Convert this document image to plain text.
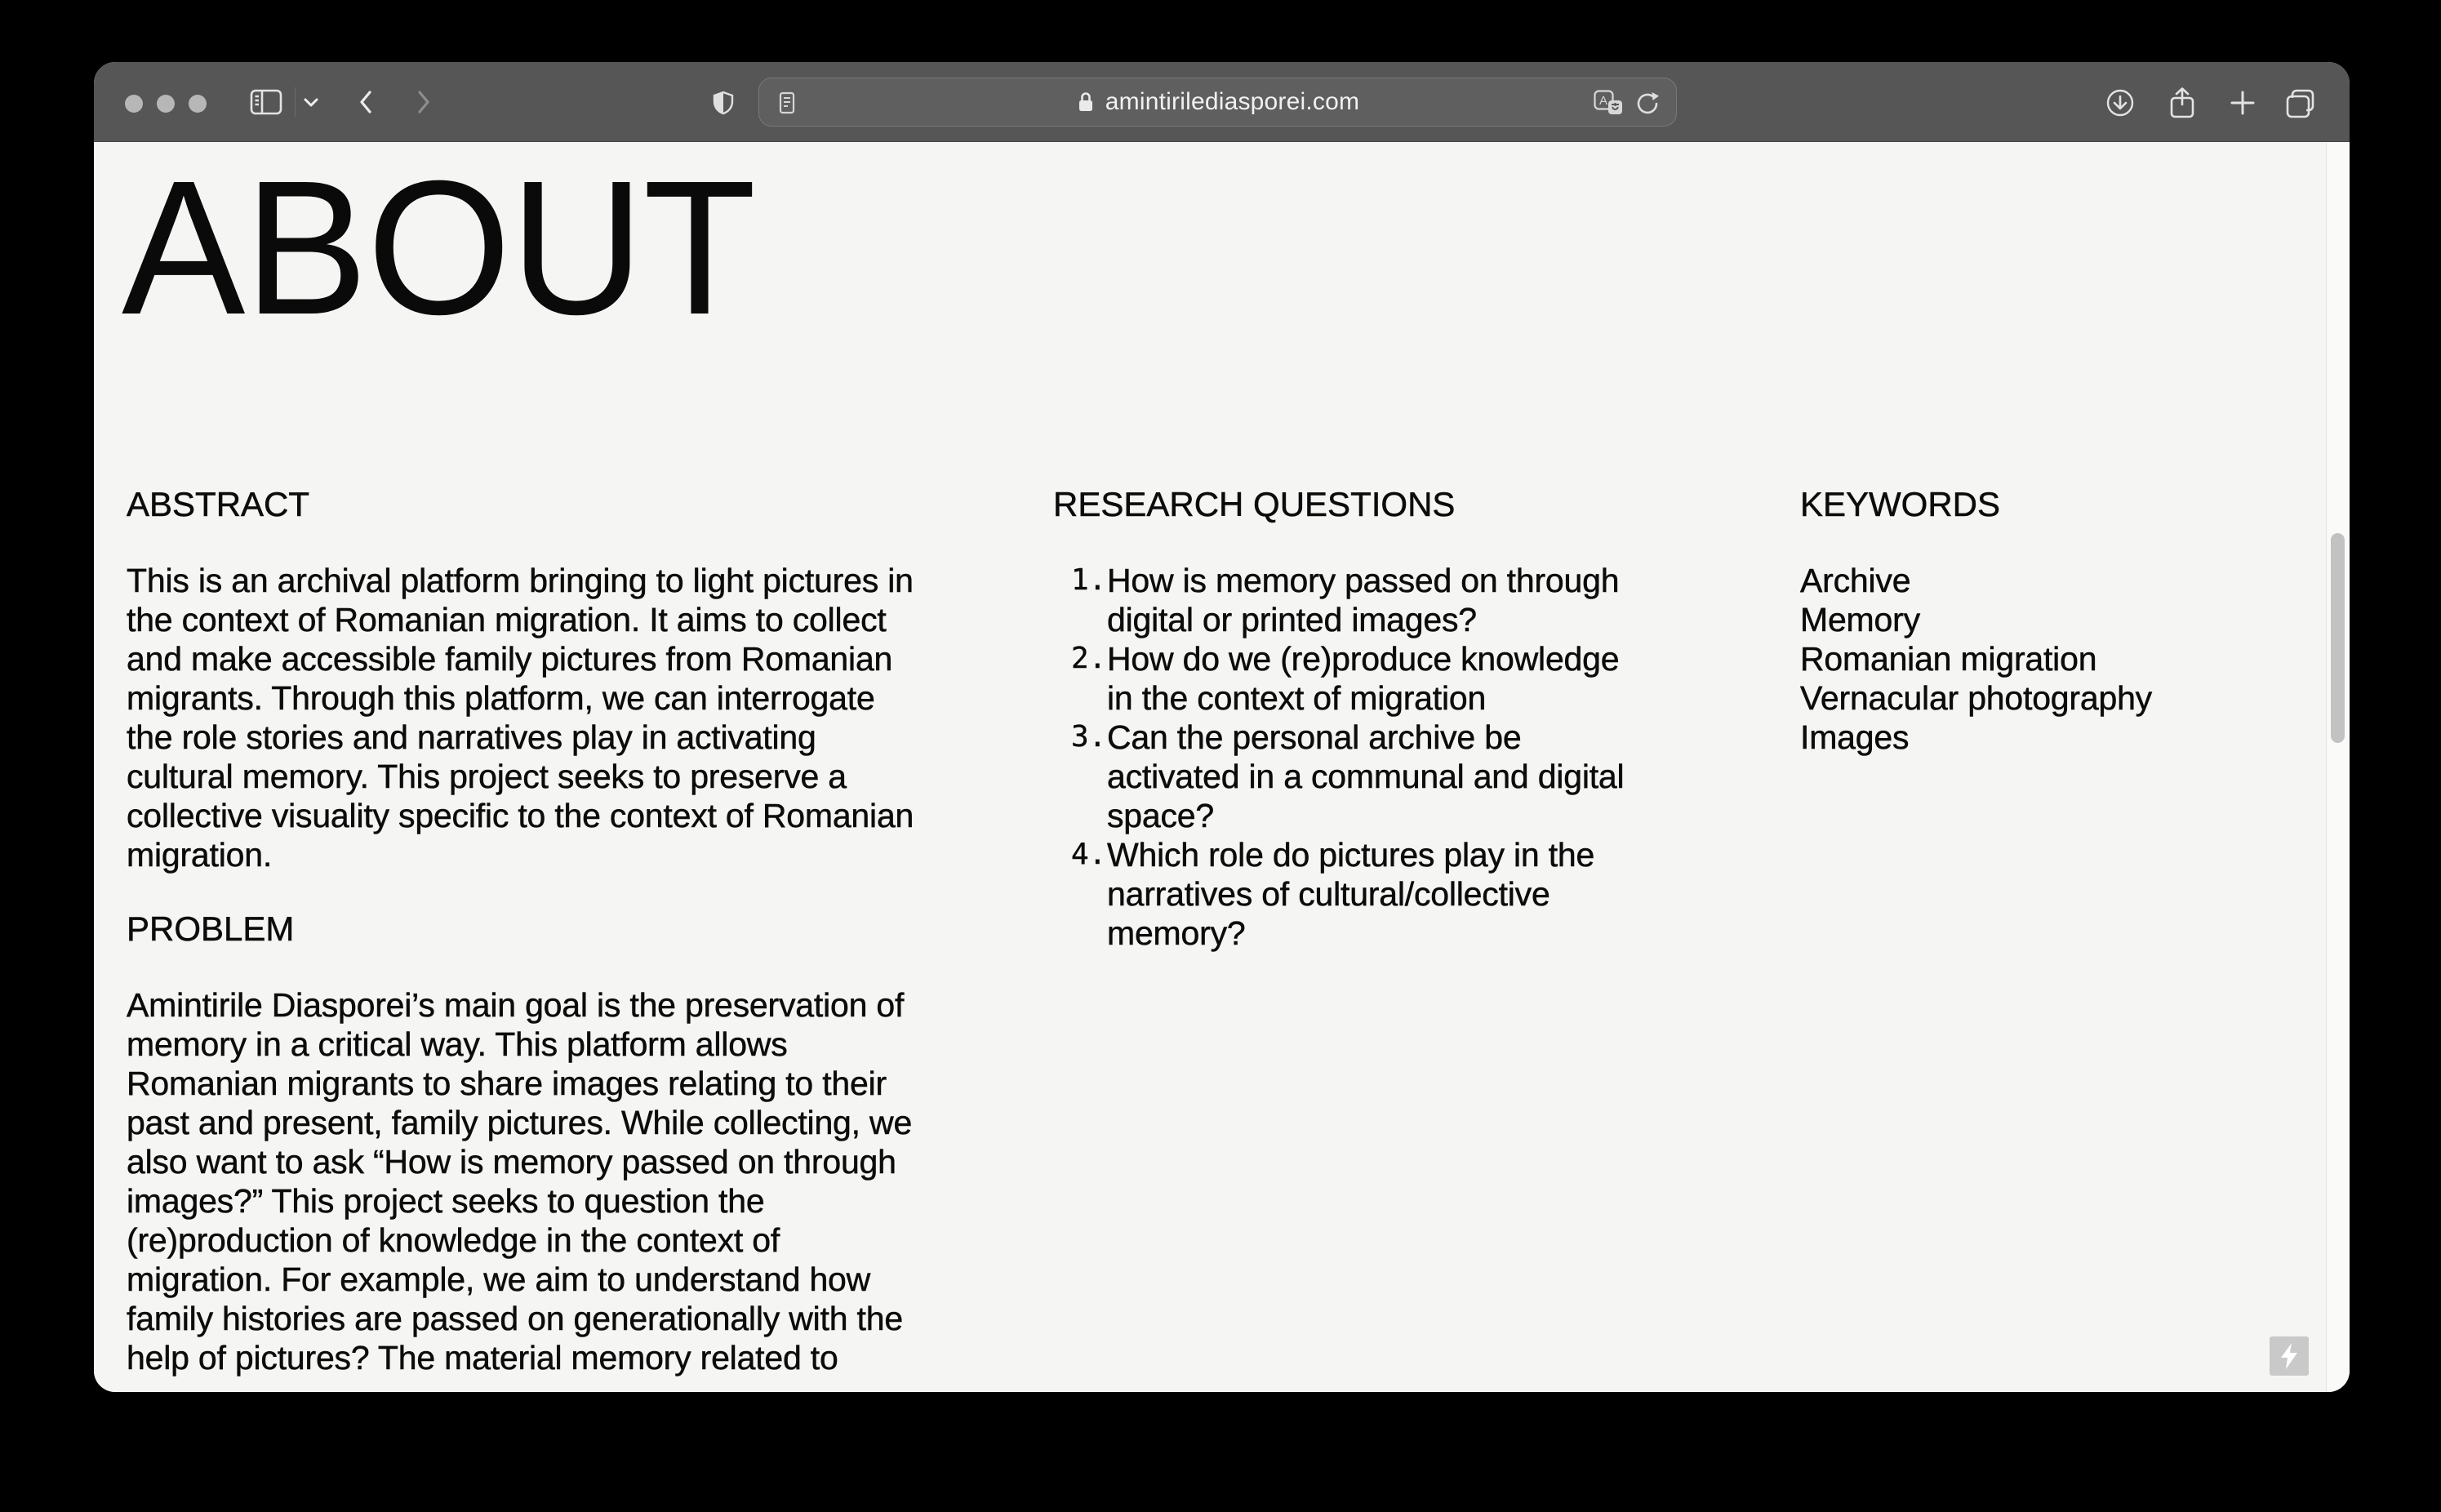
amintirilediasporei.com	A
ABOUT
ABSTRACT

This is an archival platform bringing to light pictures in the context of Romanian migration. It aims to collect and make accessible family pictures from Romanian migrants. Through this platform, we can interrogate the role stories and narratives play in activating cultural memory. This project seeks to preserve a collective visuality specific to the context of Romanian migration.

PROBLEM

Amintirile Diasporei’s main goal is the preservation of memory in a critical way. This platform allows Romanian migrants to share images relating to their past and present, family pictures. While collecting, we also want to ask “How is memory passed on through images?” This project seeks to question the (re)production of knowledge in the context of migration. For example, we aim to understand how family histories are passed on generationally with the help of pictures? The material memory related to

RESEARCH QUESTIONS
1. How is memory passed on through digital or printed images?
2. How do we (re)produce knowledge in the context of migration
3. Can the personal archive be activated in a communal and digital space?
4. Which role do pictures play in the narratives of cultural/collective memory?
KEYWORDS
Archive
Memory
Romanian migration
Vernacular photography
Images
